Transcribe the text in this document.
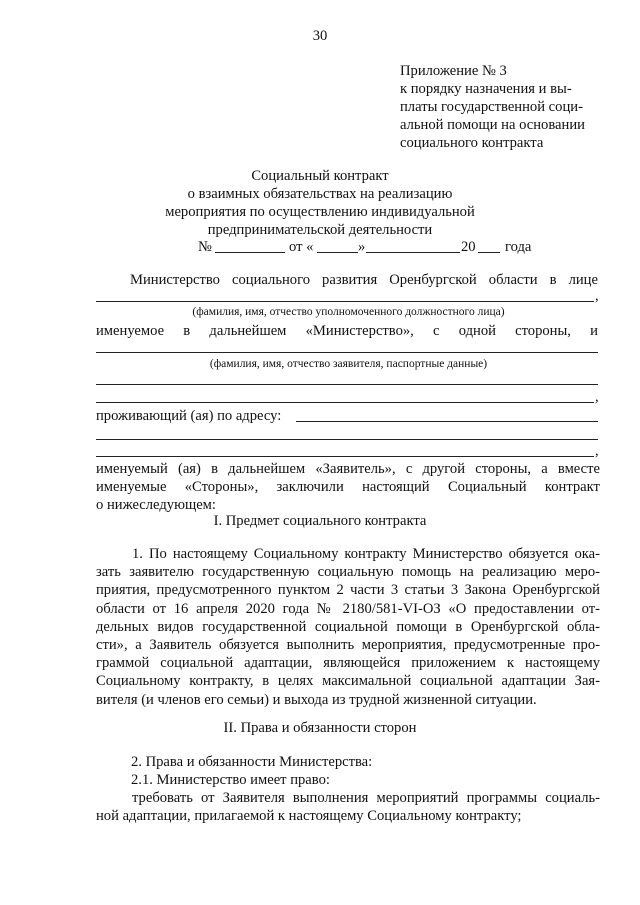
30
Приложение № 3
к порядку назначения и вы-
платы государственной соци-
альной помощи на основании
социального контракта
Социальный контракт
о взаимных обязательствах на реализацию
мероприятия по осуществлению индивидуальной
предпринимательской деятельности
№	от «	»	20 года
Министерство социального развития Оренбургской области в лице
,
(фамилия, имя, отчество уполномоченного должностного лица)
именуемое в дальнейшем «Министерство», с одной стороны, и
(фамилия, имя, отчество заявителя, паспортные данные)
,
проживающий (ая) по адресу:
,
именуемый (ая) в дальнейшем «Заявитель», с другой стороны, а вместе
именуемые «Стороны», заключили настоящий Социальный контракт
о нижеследующем:
I. Предмет социального контракта
1. По настоящему Социальному контракту Министерство обязуется ока-
зать заявителю государственную социальную помощь на реализацию меро-
приятия, предусмотренного пунктом 2 части 3 статьи 3 Закона Оренбургской
области от 16 апреля 2020 года № 2180/581-VI-ОЗ «О предоставлении от-
дельных видов государственной социальной помощи в Оренбургской обла-
сти», а Заявитель обязуется выполнить мероприятия, предусмотренные про-
граммой социальной адаптации, являющейся приложением к настоящему
Социальному контракту, в целях максимальной социальной адаптации Зая-
вителя (и членов его семьи) и выхода из трудной жизненной ситуации.
II. Права и обязанности сторон
2. Права и обязанности Министерства:
2.1. Министерство имеет право:
требовать от Заявителя выполнения мероприятий программы социаль-
ной адаптации, прилагаемой к настоящему Социальному контракту;
